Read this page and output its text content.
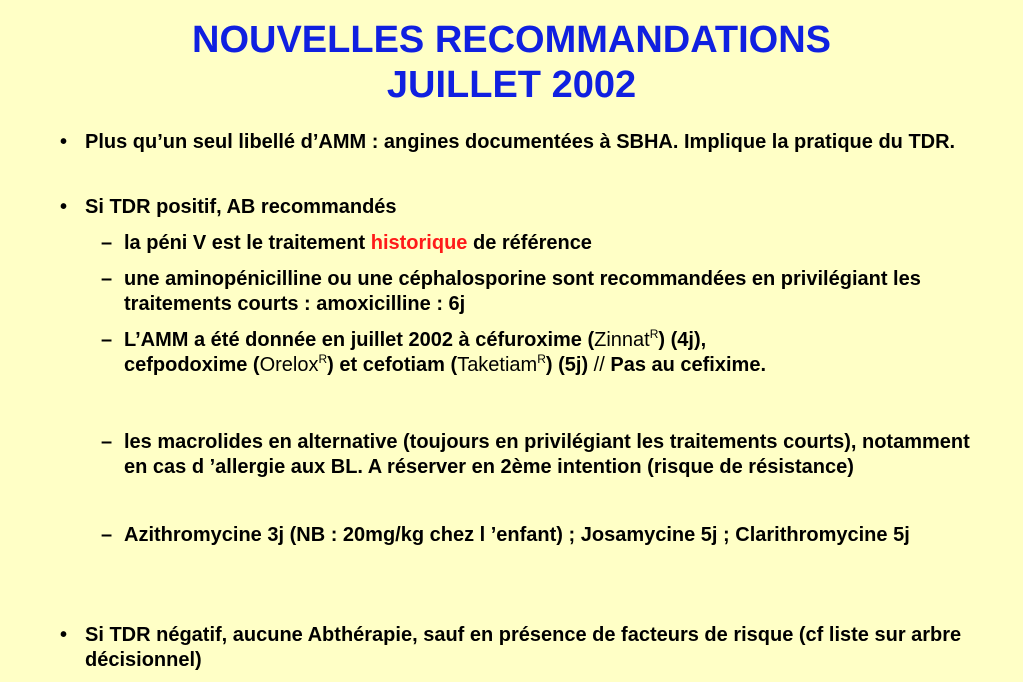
NOUVELLES RECOMMANDATIONS
JUILLET 2002
• Plus qu’un seul libellé d’AMM : angines documentées à SBHA. Implique la pratique du TDR.
• Si TDR positif, AB recommandés
– la péni V est le traitement historique de référence
– une aminopénicilline ou une céphalosporine sont recommandées en privilégiant les traitements courts : amoxicilline : 6j
– L’AMM a été donnée en juillet 2002 à céfuroxime (Zinnat$^R$) (4j),
cefpodoxime (Orelox$^R$) et cefotiam (Taketiam$^R$) (5j) // Pas au cefixime.
– les macrolides en alternative (toujours en privilégiant les traitements courts), notamment en cas d ’allergie aux BL. A réserver en 2ème intention (risque de résistance)
– Azithromycine 3j (NB : 20mg/kg chez l ’enfant) ; Josamycine 5j ; Clarithromycine 5j
• Si TDR négatif, aucune Abthérapie, sauf en présence de facteurs de risque (cf liste sur arbre décisionnel)
